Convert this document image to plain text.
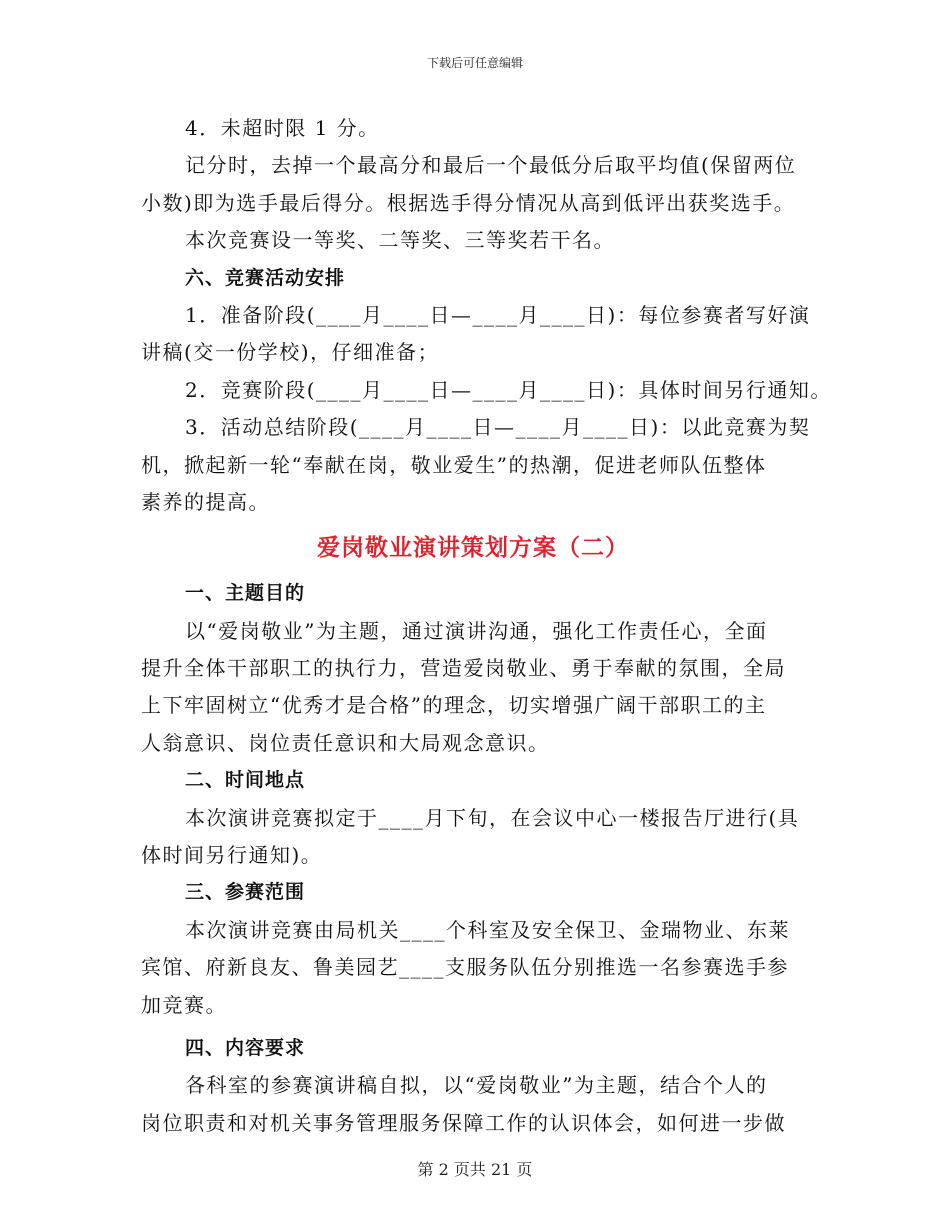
下载后可任意编辑
4．未超时限 1 分。
记分时，去掉一个最高分和最后一个最低分后取平均值(保留两位
小数)即为选手最后得分。根据选手得分情况从高到低评出获奖选手。
本次竞赛设一等奖、二等奖、三等奖若干名。
六、竞赛活动安排
1．准备阶段(____月____日—____月____日)：每位参赛者写好演
讲稿(交一份学校)，仔细准备；
2．竞赛阶段(____月____日—____月____日)：具体时间另行通知。
3．活动总结阶段(____月____日—____月____日)：以此竞赛为契
机，掀起新一轮“奉献在岗，敬业爱生”的热潮，促进老师队伍整体
素养的提高。
爱岗敬业演讲策划方案（二）
一、主题目的
以“爱岗敬业”为主题，通过演讲沟通，强化工作责任心，全面
提升全体干部职工的执行力，营造爱岗敬业、勇于奉献的氛围，全局
上下牢固树立“优秀才是合格”的理念，切实增强广阔干部职工的主
人翁意识、岗位责任意识和大局观念意识。
二、时间地点
本次演讲竞赛拟定于____月下旬，在会议中心一楼报告厅进行(具
体时间另行通知)。
三、参赛范围
本次演讲竞赛由局机关____个科室及安全保卫、金瑞物业、东莱
宾馆、府新良友、鲁美园艺____支服务队伍分别推选一名参赛选手参
加竞赛。
四、内容要求
各科室的参赛演讲稿自拟，以“爱岗敬业”为主题，结合个人的
岗位职责和对机关事务管理服务保障工作的认识体会，如何进一步做
第 2 页共 21 页
